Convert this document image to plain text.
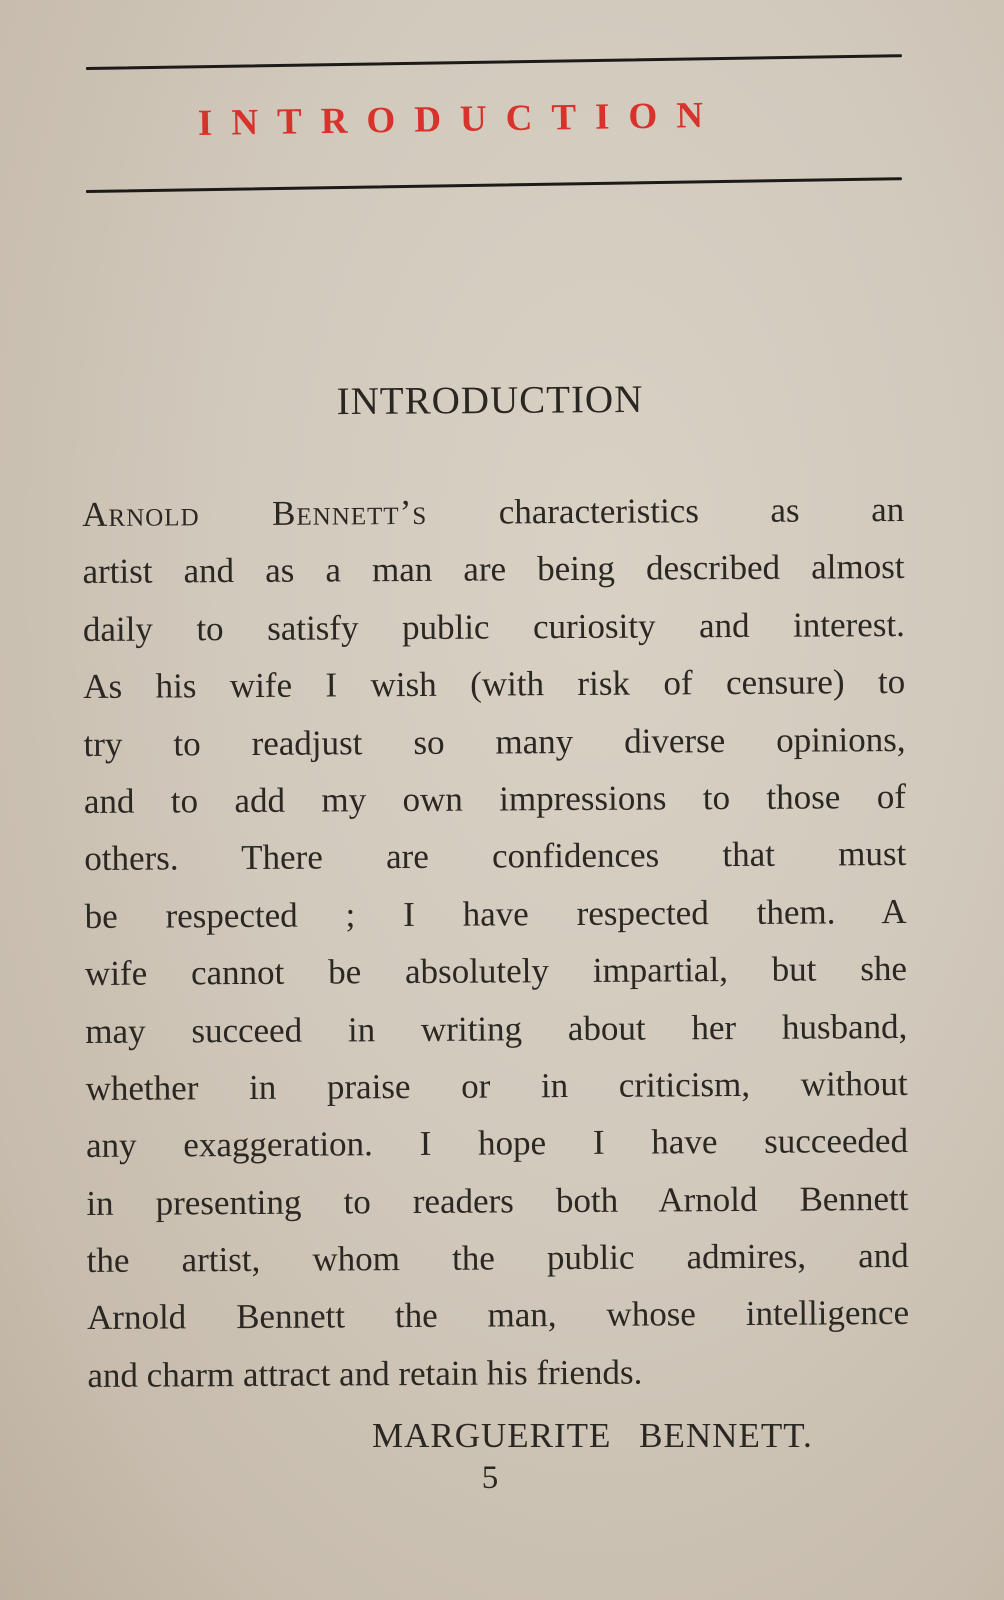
INTRODUCTION
INTRODUCTION
Arnold Bennett’s characteristics as an
artist and as a man are being described almost
daily to satisfy public curiosity and interest.
As his wife I wish (with risk of censure) to
try to readjust so many diverse opinions,
and to add my own impressions to those of
others. There are confidences that must
be respected ; I have respected them. A
wife cannot be absolutely impartial, but she
may succeed in writing about her husband,
whether in praise or in criticism, without
any exaggeration. I hope I have succeeded
in presenting to readers both Arnold Bennett
the artist, whom the public admires, and
Arnold Bennett the man, whose intelligence
and charm attract and retain his friends.
MARGUERITE BENNETT.
5
